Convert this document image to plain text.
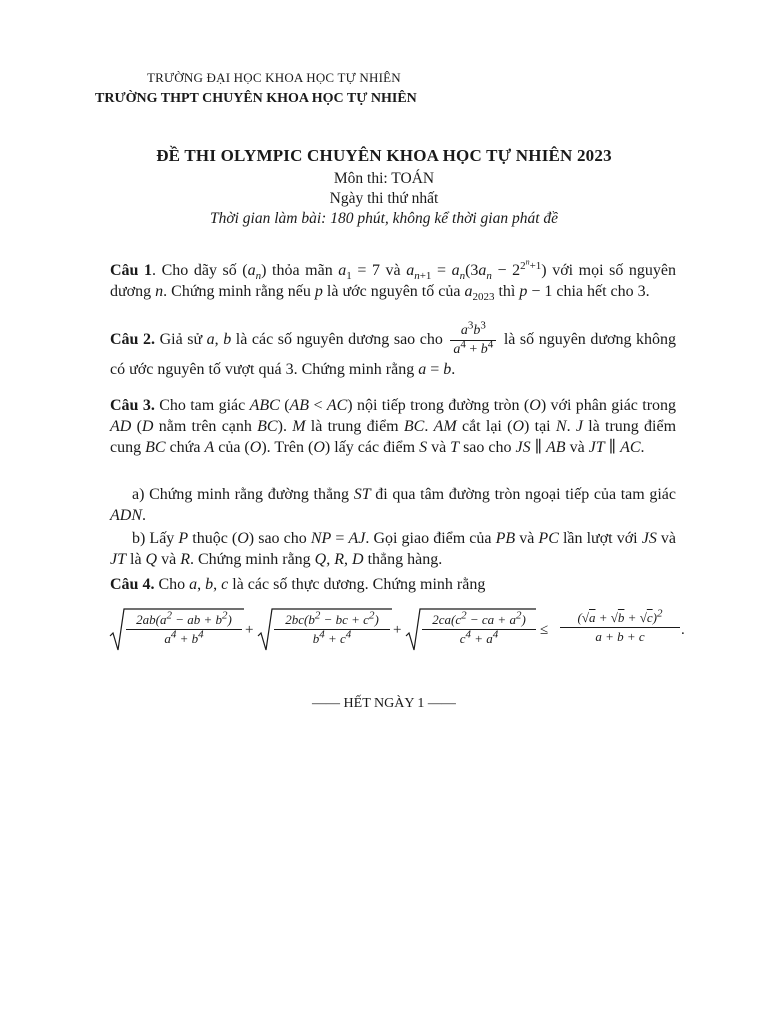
TRƯỜNG ĐẠI HỌC KHOA HỌC TỰ NHIÊN
TRƯỜNG THPT CHUYÊN KHOA HỌC TỰ NHIÊN
ĐỀ THI OLYMPIC CHUYÊN KHOA HỌC TỰ NHIÊN 2023
Môn thi: TOÁN
Ngày thi thứ nhất
Thời gian làm bài: 180 phút, không kể thời gian phát đề
Câu 1. Cho dãy số $(a_n)$ thỏa mãn $a_1 = 7$ và $a_{n+1} = a_n(3a_n - 2^{2^n+1})$ với mọi số nguyên dương n. Chứng minh rằng nếu p là ước nguyên tố của $a_{2023}$ thì p − 1 chia hết cho 3.
Câu 2. Giả sử a, b là các số nguyên dương sao cho $\frac{a^3b^3}{a^4 + b^4}$ là số nguyên dương không có ước nguyên tố vượt quá 3. Chứng minh rằng a = b.
Câu 3. Cho tam giác ABC (AB < AC) nội tiếp trong đường tròn (O) với phân giác trong AD (D nằm trên cạnh BC). M là trung điểm BC. AM cắt lại (O) tại N. J là trung điểm cung BC chứa A của (O). Trên (O) lấy các điểm S và T sao cho JS ∥ AB và JT ∥ AC.
a) Chứng minh rằng đường thẳng ST đi qua tâm đường tròn ngoại tiếp của tam giác ADN.
b) Lấy P thuộc (O) sao cho NP = AJ. Gọi giao điểm của PB và PC lần lượt với JS và JT là Q và R. Chứng minh rằng Q, R, D thẳng hàng.
Câu 4. Cho a, b, c là các số thực dương. Chứng minh rằng
$2ab(a^2$ − ab + $b^2$)
$a^4 + b^4$	+
$2bc(b^2$ − bc + $c^2$)
$b^4 + c^4$	+
$2ca(c^2$ − ca + $a^2$)
$c^4 + a^4$	≤
$(√a + √b + √c)^2$
a + b + c	.
—— HẾT NGÀY 1 ——
